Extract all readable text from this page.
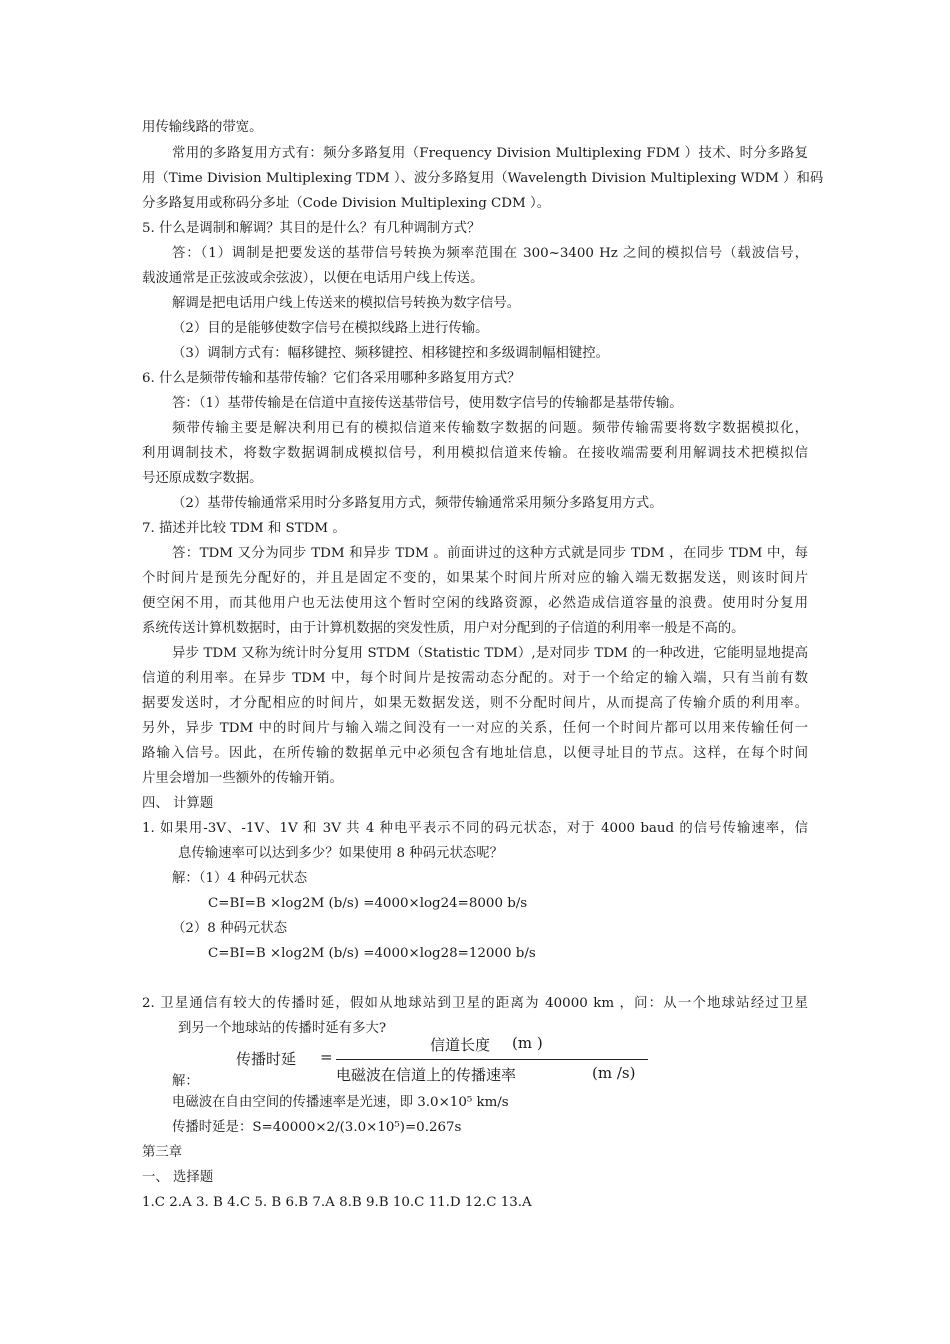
用传输线路的带宽。
常用的多路复用方式有：频分多路复用（Frequency Division Multiplexing FDM ）技术、时分多路复
用（Time Division Multiplexing TDM ）、波分多路复用（Wavelength Division Multiplexing WDM ）和码
分多路复用或称码分多址（Code Division Multiplexing CDM ）。
5. 什么是调制和解调？其目的是什么？有几种调制方式？
答：（1）调制是把要发送的基带信号转换为频率范围在 300~3400 Hz 之间的模拟信号（载波信号，
载波通常是正弦波或余弦波），以便在电话用户线上传送。
解调是把电话用户线上传送来的模拟信号转换为数字信号。
（2）目的是能够使数字信号在模拟线路上进行传输。
（3）调制方式有：幅移键控、频移键控、相移键控和多级调制幅相键控。
6. 什么是频带传输和基带传输？它们各采用哪种多路复用方式？
答：（1）基带传输是在信道中直接传送基带信号，使用数字信号的传输都是基带传输。
频带传输主要是解决利用已有的模拟信道来传输数字数据的问题。频带传输需要将数字数据模拟化，
利用调制技术，将数字数据调制成模拟信号，利用模拟信道来传输。在接收端需要利用解调技术把模拟信
号还原成数字数据。
（2）基带传输通常采用时分多路复用方式，频带传输通常采用频分多路复用方式。
7. 描述并比较 TDM 和 STDM 。
答：TDM 又分为同步 TDM 和异步 TDM 。前面讲过的这种方式就是同步 TDM ，在同步 TDM 中，每
个时间片是预先分配好的，并且是固定不变的，如果某个时间片所对应的输入端无数据发送，则该时间片
便空闲不用，而其他用户也无法使用这个暂时空闲的线路资源，必然造成信道容量的浪费。使用时分复用
系统传送计算机数据时，由于计算机数据的突发性质，用户对分配到的子信道的利用率一般是不高的。
异步 TDM 又称为统计时分复用 STDM（Statistic TDM）,是对同步 TDM 的一种改进，它能明显地提高
信道的利用率。在异步 TDM 中，每个时间片是按需动态分配的。对于一个给定的输入端，只有当前有数
据要发送时，才分配相应的时间片，如果无数据发送，则不分配时间片，从而提高了传输介质的利用率。
另外，异步 TDM 中的时间片与输入端之间没有一一对应的关系，任何一个时间片都可以用来传输任何一
路输入信号。因此，在所传输的数据单元中必须包含有地址信息，以便寻址目的节点。这样，在每个时间
片里会增加一些额外的传输开销。
四、 计算题
1. 如果用-3V、-1V、1V 和 3V 共 4 种电平表示不同的码元状态，对于 4000 baud 的信号传输速率，信
息传输速率可以达到多少？如果使用 8 种码元状态呢？
解：（1）4 种码元状态
C=BI=B ×log2M (b/s) =4000×log24=8000 b/s
（2）8 种码元状态
C=BI=B ×log2M (b/s) =4000×log28=12000 b/s
2. 卫星通信有较大的传播时延，假如从地球站到卫星的距离为 40000 km ，问：从一个地球站经过卫星
到另一个地球站的传播时延有多大?
传播时延 =
信道长度 (m )
电磁波在信道上的传播速率	(m /s)
解：
电磁波在自由空间的传播速率是光速，即 3.0×10⁵ km/s
传播时延是：S=40000×2/(3.0×10⁵)=0.267s
第三章
一、 选择题
1.C 2.A 3. B 4.C 5. B 6.B 7.A 8.B 9.B 10.C 11.D 12.C 13.A
